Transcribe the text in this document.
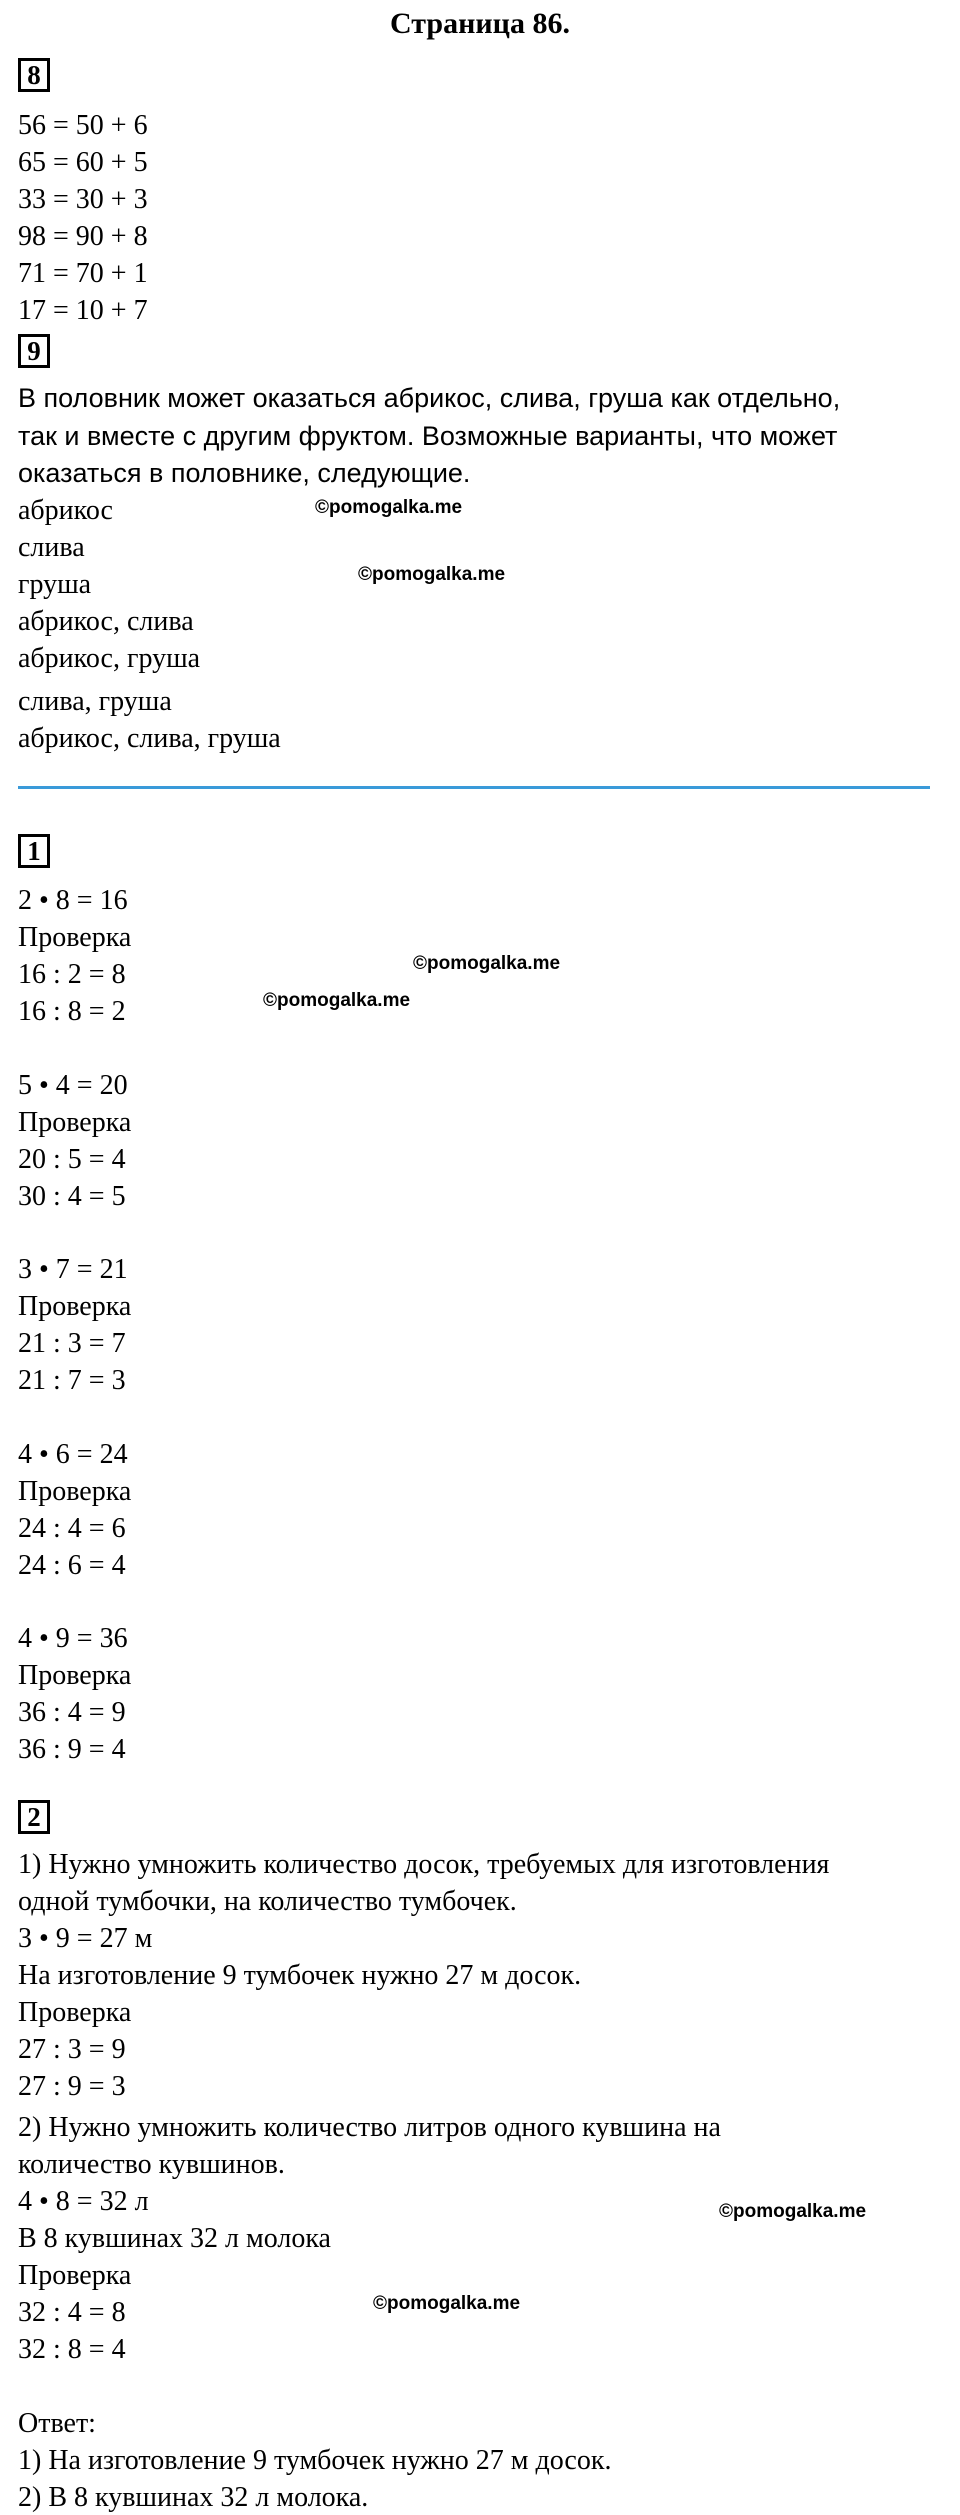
Страница 86.
8
56 = 50 + 6
65 = 60 + 5
33 = 30 + 3
98 = 90 + 8
71 = 70 + 1
17 = 10 + 7
9
В половник может оказаться абрикос, слива, груша как отдельно,
так и вместе с другим фруктом. Возможные варианты, что может
оказаться в половнике, следующие.
абрикос
слива
груша
абрикос, слива
абрикос, груша
слива, груша
абрикос, слива, груша
1
2 • 8 = 16
Проверка
16 : 2 = 8
16 : 8 = 2
5 • 4 = 20
Проверка
20 : 5 = 4
30 : 4 = 5
3 • 7 = 21
Проверка
21 : 3 = 7
21 : 7 = 3
4 • 6 = 24
Проверка
24 : 4 = 6
24 : 6 = 4
4 • 9 = 36
Проверка
36 : 4 = 9
36 : 9 = 4
2
1) Нужно умножить количество досок, требуемых для изготовления
одной тумбочки, на количество тумбочек.
3 • 9 = 27 м
На изготовление 9 тумбочек нужно 27 м досок.
Проверка
27 : 3 = 9
27 : 9 = 3
2) Нужно умножить количество литров одного кувшина на
количество кувшинов.
4 • 8 = 32 л
В 8 кувшинах 32 л молока
Проверка
32 : 4 = 8
32 : 8 = 4
Ответ:
1) На изготовление 9 тумбочек нужно 27 м досок.
2) В 8 кувшинах 32 л молока.
©pomogalka.me
©pomogalka.me
©pomogalka.me
©pomogalka.me
©pomogalka.me
©pomogalka.me
